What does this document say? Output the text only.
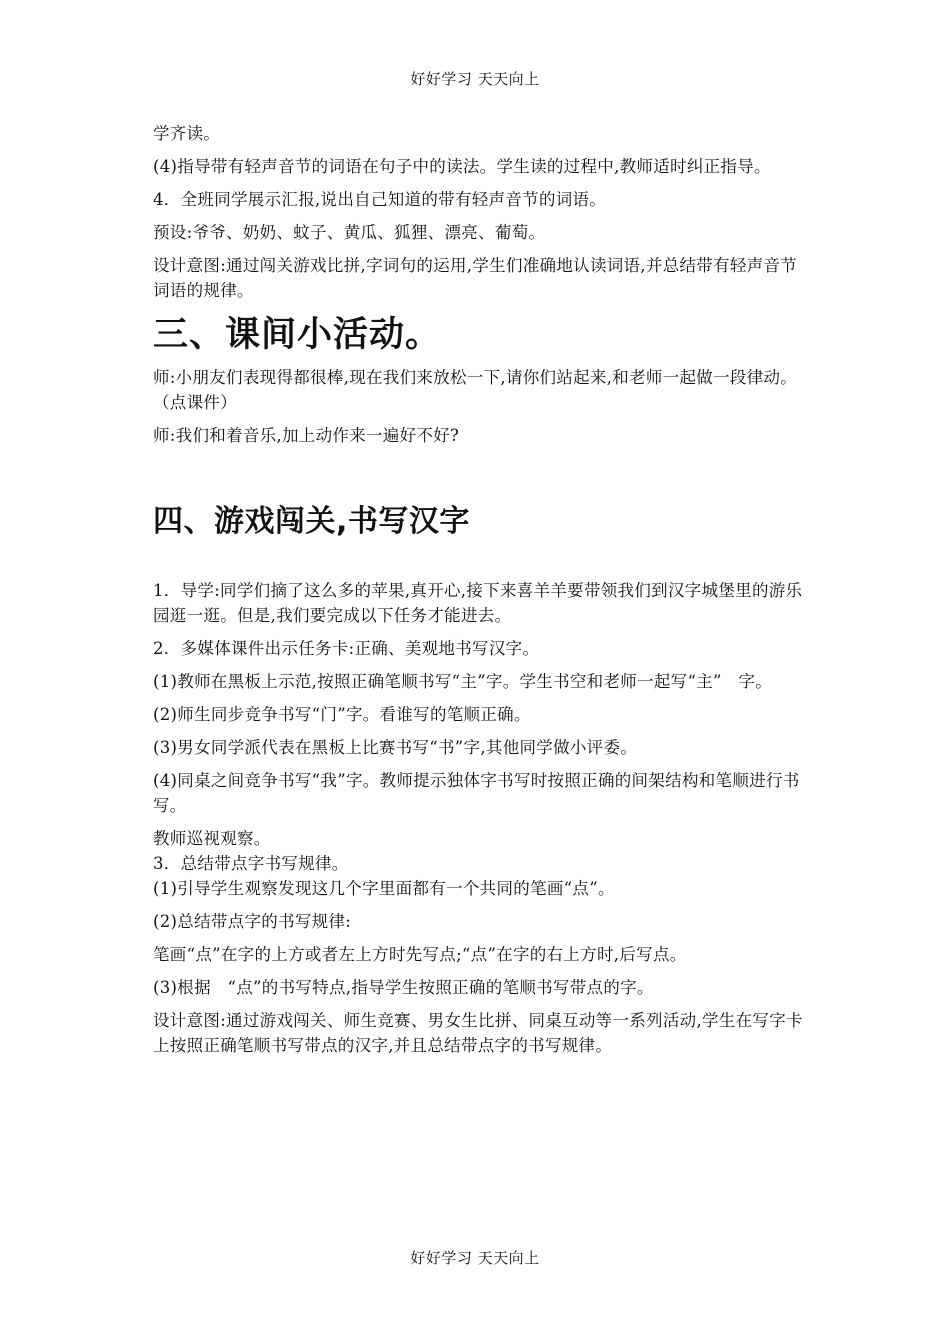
好好学习 天天向上

学齐读。

(4)指导带有轻声音节的词语在句子中的读法。学生读的过程中,教师适时纠正指导。

4．全班同学展示汇报,说出自己知道的带有轻声音节的词语。

预设:爷爷、奶奶、蚊子、黄瓜、狐狸、漂亮、葡萄。

设计意图:通过闯关游戏比拼,字词句的运用,学生们准确地认读词语,并总结带有轻声音节词语的规律。

三、课间小活动。

师:小朋友们表现得都很棒,现在我们来放松一下,请你们站起来,和老师一起做一段律动。（点课件）

师:我们和着音乐,加上动作来一遍好不好?

四、游戏闯关,书写汉字

1．导学:同学们摘了这么多的苹果,真开心,接下来喜羊羊要带领我们到汉字城堡里的游乐园逛一逛。但是,我们要完成以下任务才能进去。

2．多媒体课件出示任务卡:正确、美观地书写汉字。

(1)教师在黑板上示范,按照正确笔顺书写“主”字。学生书空和老师一起写“主”   字。

(2)师生同步竞争书写“门”字。看谁写的笔顺正确。

(3)男女同学派代表在黑板上比赛书写“书”字,其他同学做小评委。

(4)同桌之间竞争书写“我”字。教师提示独体字书写时按照正确的间架结构和笔顺进行书写。

教师巡视观察。

3．总结带点字书写规律。

(1)引导学生观察发现这几个字里面都有一个共同的笔画“点”。

(2)总结带点字的书写规律:

笔画“点”在字的上方或者左上方时先写点;“点”在字的右上方时,后写点。

(3)根据   “点”的书写特点,指导学生按照正确的笔顺书写带点的字。

设计意图:通过游戏闯关、师生竞赛、男女生比拼、同桌互动等一系列活动,学生在写字卡上按照正确笔顺书写带点的汉字,并且总结带点字的书写规律。

好好学习 天天向上
